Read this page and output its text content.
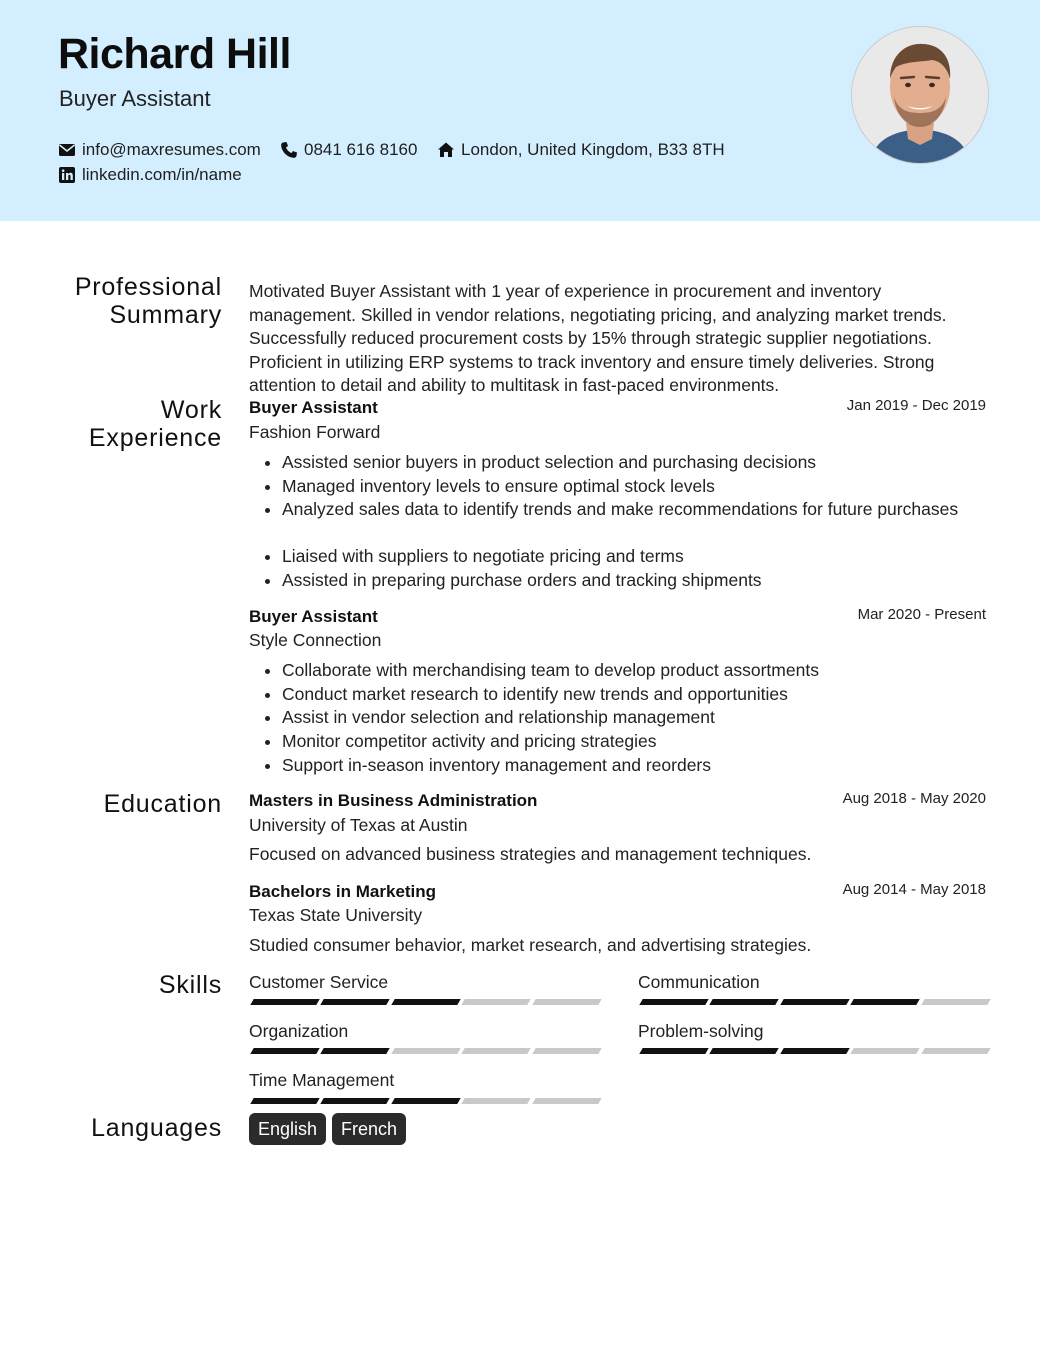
Richard Hill
Buyer Assistant
info@maxresumes.com	0841 616 8160	London, United Kingdom, B33 8TH
linkedin.com/in/name
Professional
Summary
Motivated Buyer Assistant with 1 year of experience in procurement and inventory management. Skilled in vendor relations, negotiating pricing, and analyzing market trends. Successfully reduced procurement costs by 15% through strategic supplier negotiations. Proficient in utilizing ERP systems to track inventory and ensure timely deliveries. Strong attention to detail and ability to multitask in fast-paced environments.
Work
Experience
Buyer Assistant	Jan 2019 - Dec 2019
Fashion Forward
• Assisted senior buyers in product selection and purchasing decisions
• Managed inventory levels to ensure optimal stock levels
• Analyzed sales data to identify trends and make recommendations for future purchases
• Liaised with suppliers to negotiate pricing and terms
• Assisted in preparing purchase orders and tracking shipments
Buyer Assistant	Mar 2020 - Present
Style Connection
• Collaborate with merchandising team to develop product assortments
• Conduct market research to identify new trends and opportunities
• Assist in vendor selection and relationship management
• Monitor competitor activity and pricing strategies
• Support in-season inventory management and reorders
Education Masters in Business Administration	Aug 2018 - May 2020
University of Texas at Austin
Focused on advanced business strategies and management techniques.
Bachelors in Marketing	Aug 2014 - May 2018
Texas State University
Studied consumer behavior, market research, and advertising strategies.
Skills Customer Service	Communication
Organization	Problem-solving
Time Management
Languages	English	French
